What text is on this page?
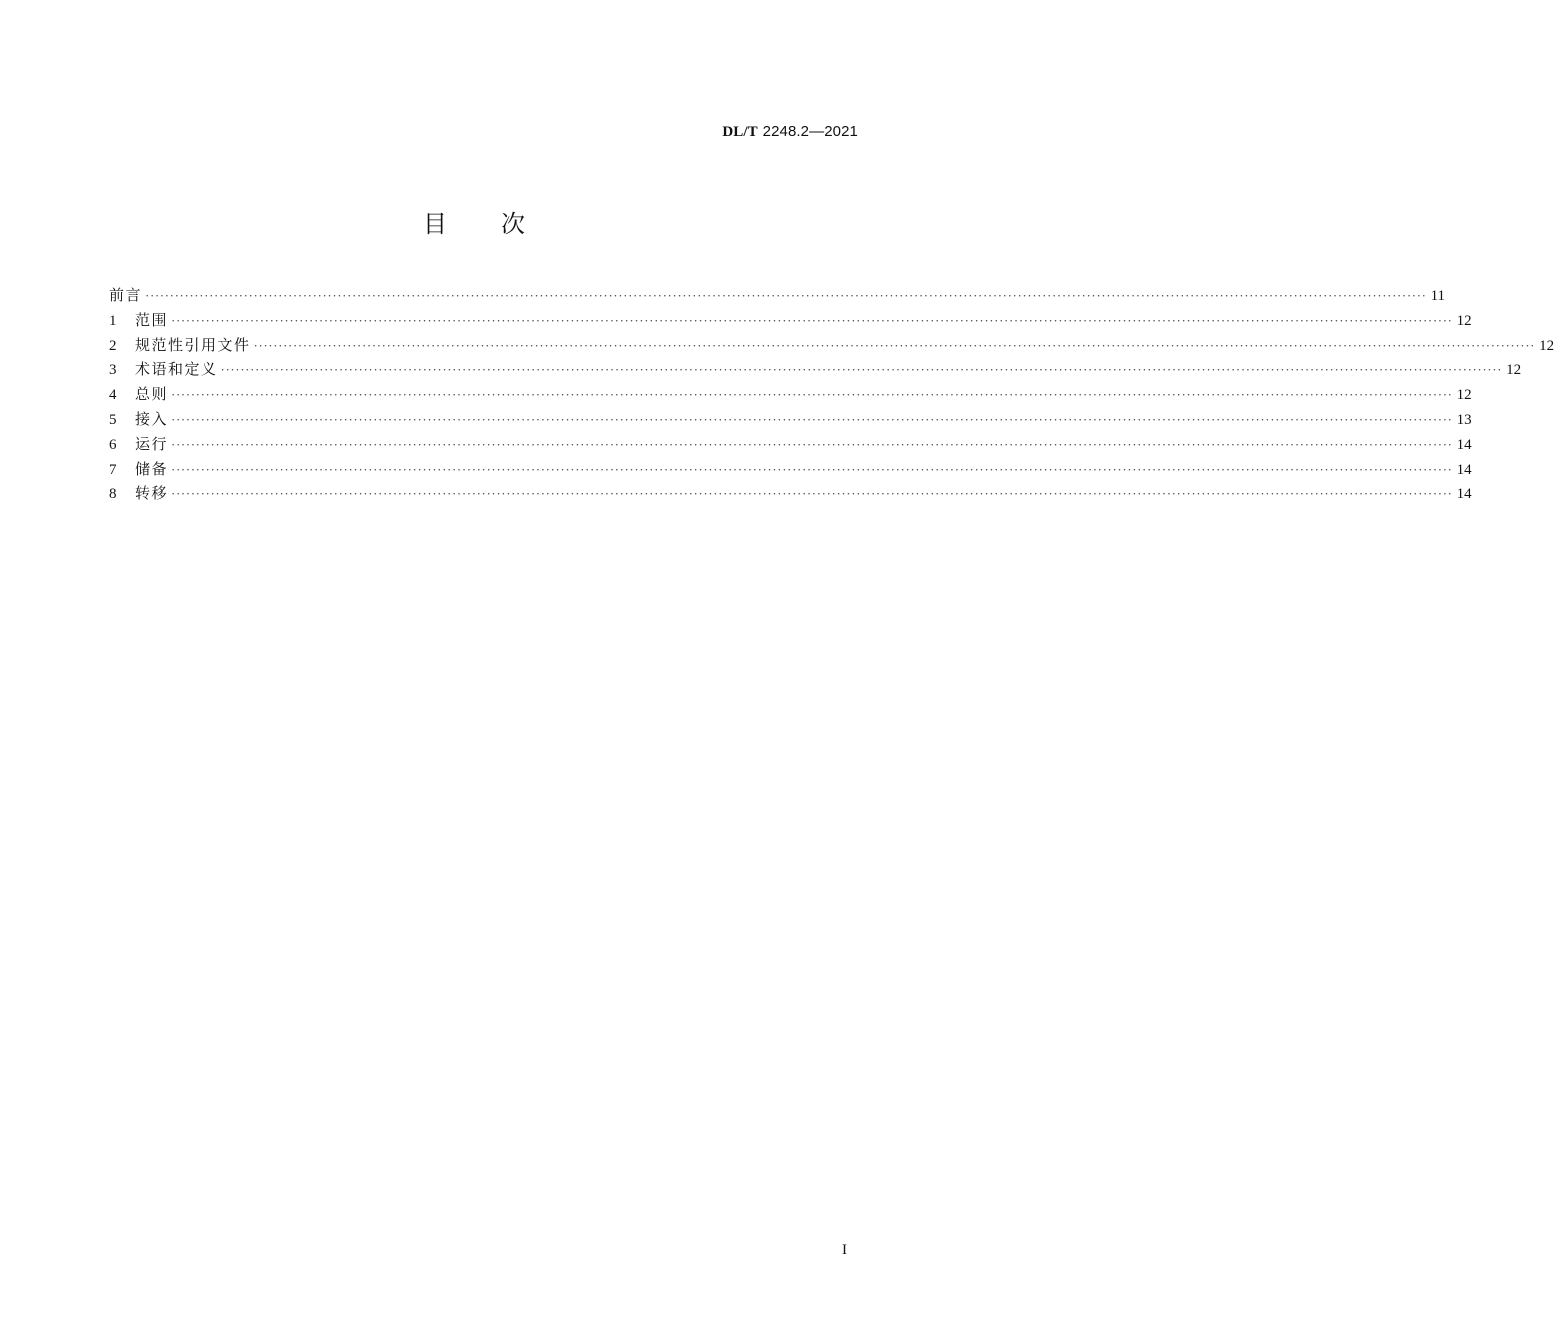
DL/T 2248.2—2021
目 次
前言 ···································································································································································································································································· 11
1	范围 ···································································································································································································································································· 12
2	规范性引用文件 ···································································································································································································································································· 12
3	术语和定义 ···································································································································································································································································· 12
4	总则 ···································································································································································································································································· 12
5	接入 ···································································································································································································································································· 13
6	运行 ···································································································································································································································································· 14
7	储备 ···································································································································································································································································· 14
8	转移 ···································································································································································································································································· 14
I
